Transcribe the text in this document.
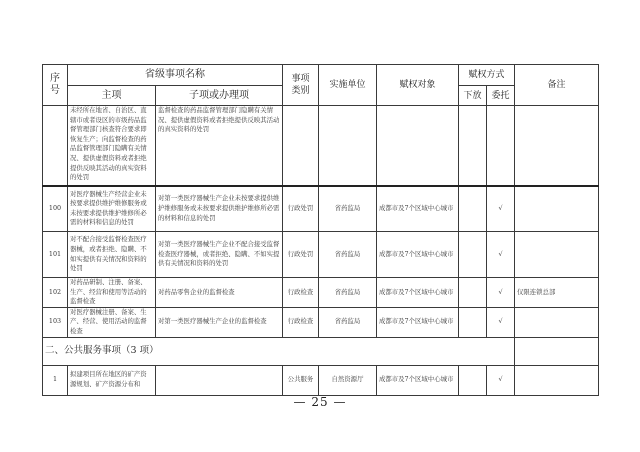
序号	省级事项名称		事项类别	实施单位	赋权对象	赋权方式		备注
	主项	子项或办理项				下放	委托	
	未经所在地省、自治区、直辖市或者设区的市级药品监督管理部门核查符合要求即恢复生产；向监督检查的药品监督管理部门隐瞒有关情况、提供虚假资料或者拒绝提供反映其活动的真实资料的处罚	监督检查的药品监督管理部门隐瞒有关情况、提供虚假资料或者拒绝提供反映其活动的真实资料的处罚						
100	对医疗器械生产经营企业未按要求提供维护维修服务或未按要求提供维护维修所必需的材料和信息的处罚	对第一类医疗器械生产企业未按要求提供维护维修服务或未按要求提供维护维修所必需的材料和信息的处罚	行政处罚	省药监局	成都市及7个区域中心城市		√	
101	对不配合接受监督检查医疗器械，或者拒绝、隐瞒、不如实提供有关情况和资料的处罚	对第一类医疗器械生产企业不配合接受监督检查医疗器械，或者拒绝、隐瞒、不如实提供有关情况和资料的处罚	行政处罚	省药监局	成都市及7个区域中心城市		√	
102	对药品研制、注册、备案、生产、经营和使用等活动的监督检查	对药品零售企业的监督检查	行政检查	省药监局	成都市及7个区域中心城市		√	仅限连锁总部
103	对医疗器械注册、备案、生产、经营、使用活动的监督检查	对第一类医疗器械生产企业的监督检查	行政检查	省药监局	成都市及7个区域中心城市		√	
二、公共服务事项（3 项）								
1	拟建项目所在地区的矿产资源规划、矿产资源分布和		公共服务	自然资源厅	成都市及7个区域中心城市		√	
— 25 —
